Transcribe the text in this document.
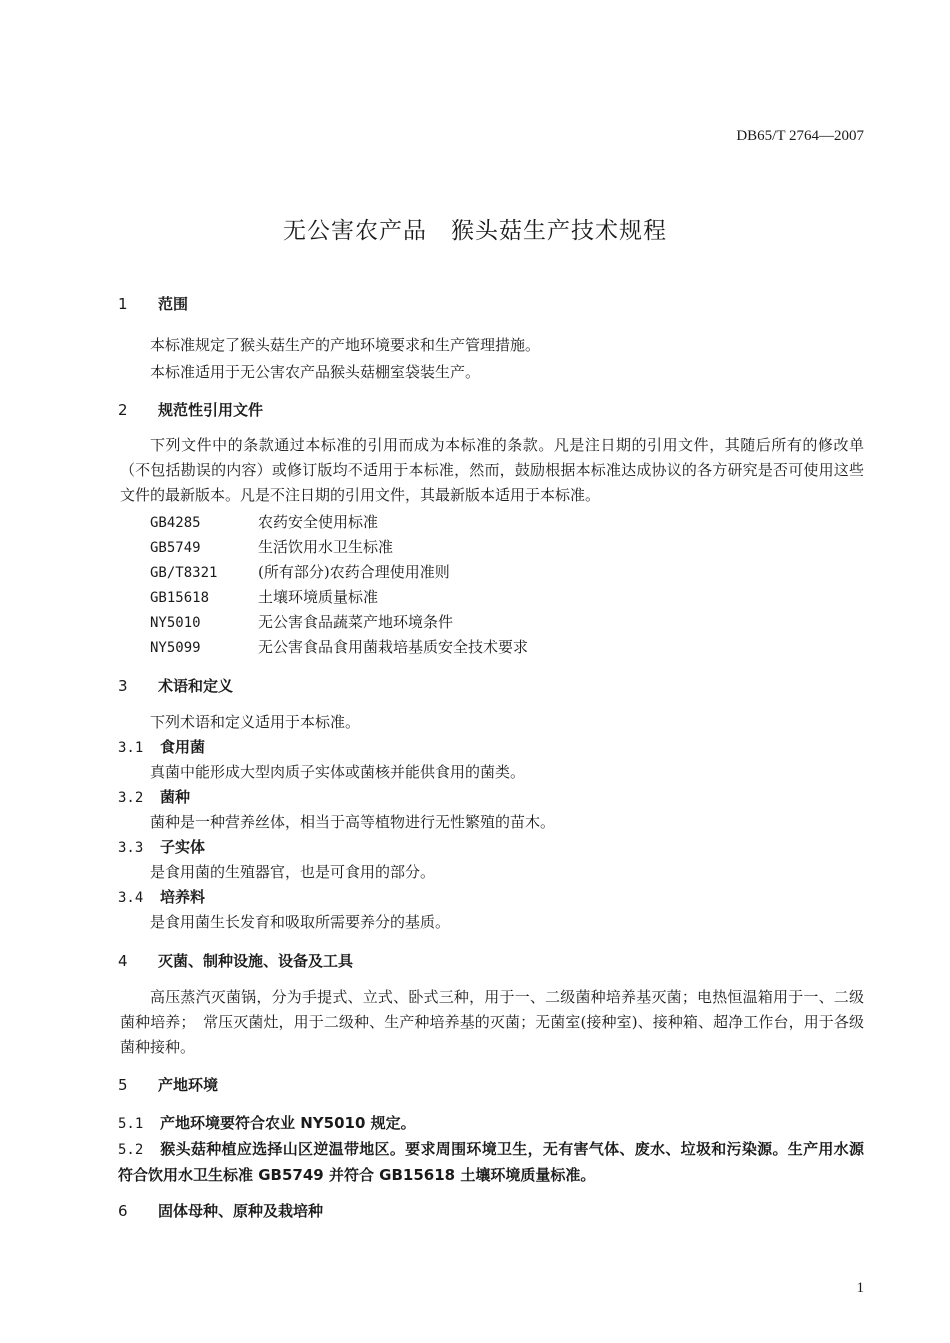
DB65/T 2764—2007
无公害农产品　猴头菇生产技术规程
1 范围
本标准规定了猴头菇生产的产地环境要求和生产管理措施。
本标准适用于无公害农产品猴头菇棚室袋装生产。
2 规范性引用文件
下列文件中的条款通过本标准的引用而成为本标准的条款。凡是注日期的引用文件，其随后所有的修改单（不包括勘误的内容）或修订版均不适用于本标准，然而，鼓励根据本标准达成协议的各方研究是否可使用这些文件的最新版本。凡是不注日期的引用文件，其最新版本适用于本标准。
GB4285	农药安全使用标准
GB5749	生活饮用水卫生标准
GB/T8321	(所有部分)农药合理使用准则
GB15618	土壤环境质量标准
NY5010	无公害食品蔬菜产地环境条件
NY5099	无公害食品食用菌栽培基质安全技术要求
3 术语和定义
下列术语和定义适用于本标准。
3.1 食用菌
真菌中能形成大型肉质子实体或菌核并能供食用的菌类。
3.2 菌种
菌种是一种营养丝体，相当于高等植物进行无性繁殖的苗木。
3.3 子实体
是食用菌的生殖器官，也是可食用的部分。
3.4 培养料
是食用菌生长发育和吸取所需要养分的基质。
4 灭菌、制种设施、设备及工具
高压蒸汽灭菌锅，分为手提式、立式、卧式三种，用于一、二级菌种培养基灭菌；电热恒温箱用于一、二级菌种培养；　常压灭菌灶，用于二级种、生产种培养基的灭菌；无菌室(接种室)、接种箱、超净工作台，用于各级菌种接种。
5 产地环境
5.1 产地环境要符合农业 NY5010 规定。
5.2 猴头菇种植应选择山区逆温带地区。要求周围环境卫生，无有害气体、废水、垃圾和污染源。生产用水源符合饮用水卫生标准 GB5749 并符合 GB15618 土壤环境质量标准。
6 固体母种、原种及栽培种
1
